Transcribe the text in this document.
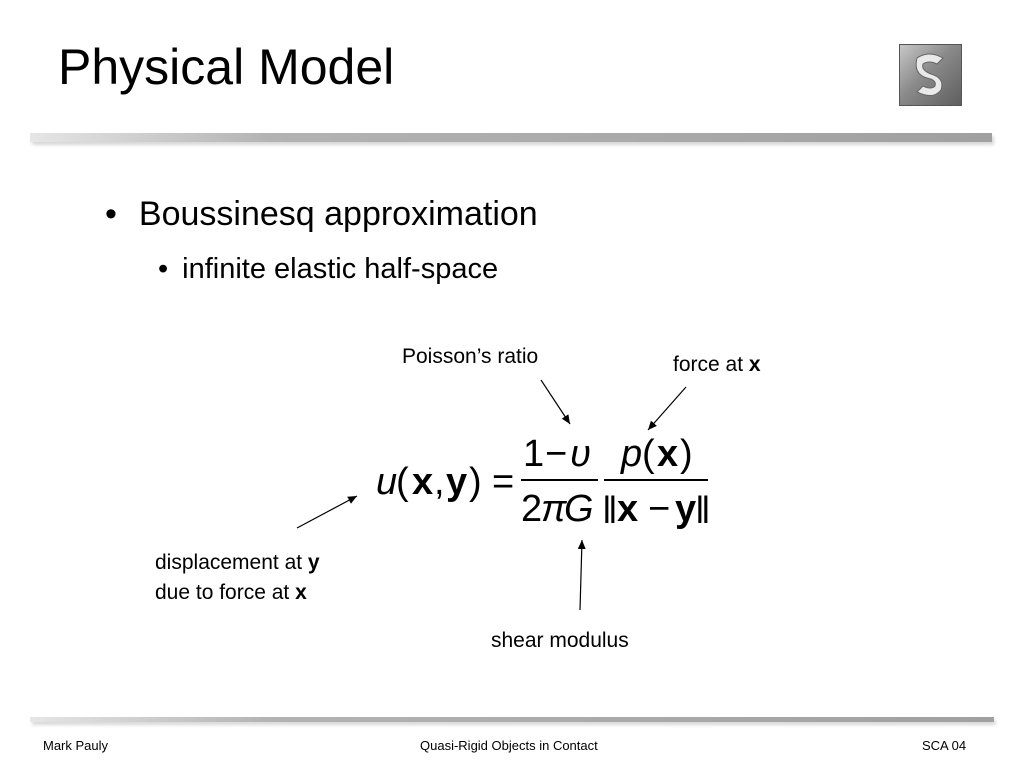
Physical Model
• Boussinesq approximation
• infinite elastic half-space
u
( x , y ) =
1 − υ
2
π
G
p ( x )
‖ x − y
‖
Poisson’s ratio	force at x
displacement at y
due to force at x
shear modulus
Mark Pauly	Quasi-Rigid Objects in Contact	SCA 04
